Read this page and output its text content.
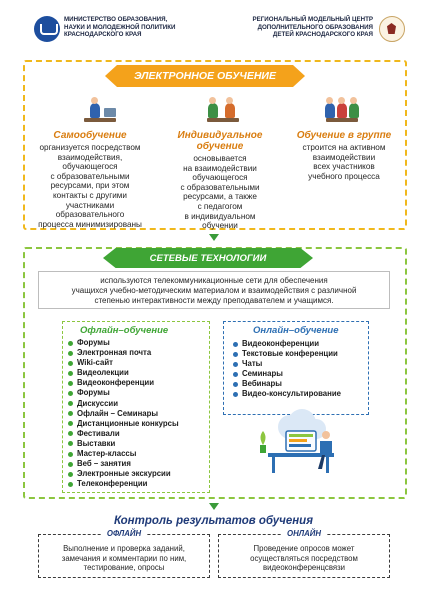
МИНИСТЕРСТВО ОБРАЗОВАНИЯ,
НАУКИ И МОЛОДЕЖНОЙ ПОЛИТИКИ
КРАСНОДАРСКОГО КРАЯ
РЕГИОНАЛЬНЫЙ МОДЕЛЬНЫЙ ЦЕНТР
ДОПОЛНИТЕЛЬНОГО ОБРАЗОВАНИЯ
ДЕТЕЙ КРАСНОДАРСКОГО КРАЯ
ЭЛЕКТРОННОЕ ОБУЧЕНИЕ
Самообучение
организуется посредством
взаимодействия,
обучающегося
с образовательными
ресурсами, при этом
контакты с другими
участниками
образовательного
процесса минимизированы
Индивидуальное
обучение
основывается
на взаимодействии
обучающегося
с образовательными
ресурсами, а также
с педагогом
в индивидуальном
обучении
Обучение в группе
строится на активном
взаимодействии
всех участников
учебного процесса
СЕТЕВЫЕ ТЕХНОЛОГИИ
используются телекоммуникационные сети для обеспечения
учащихся учебно-методическим материалом и взаимодействия с различной
степенью интерактивности между преподавателем и учащимся.
Офлайн–обучение
Форумы
Электронная почта
Wiki-сайт
Видеолекции
Видеоконференции
Форумы
Дискуссии
Офлайн – Семинары
Дистанционные конкурсы
Фестивали
Выставки
Мастер-классы
Веб – занятия
Электронные экскурсии
Телеконференции
Онлайн–обучение
Видеоконференции
Текстовые конференции
Чаты
Семинары
Вебинары
Видео-консультирование
Контроль результатов обучения
ОФЛАЙН
Выполнение и проверка заданий,
замечания и комментарии по ним,
тестирование, опросы
ОНЛАЙН
Проведение опросов может
осуществляться посредством
видеоконференцсвязи
